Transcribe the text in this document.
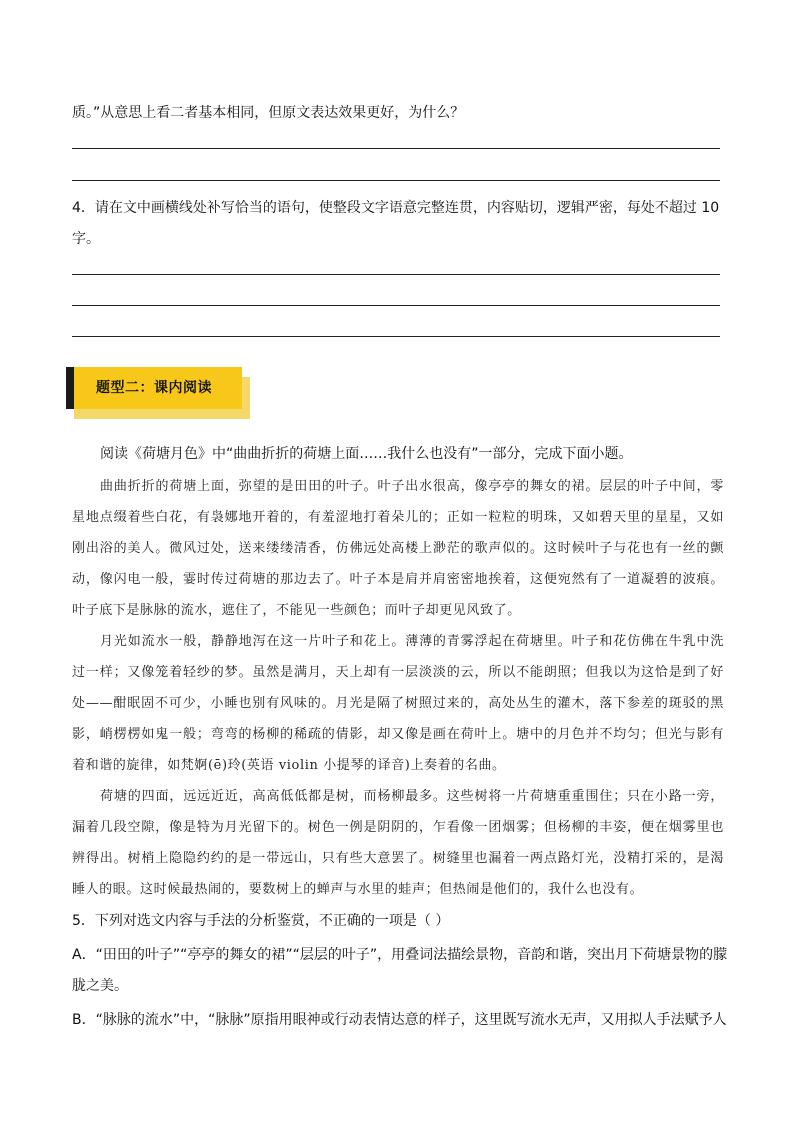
质。”从意思上看二者基本相同，但原文表达效果更好，为什么？
4．请在文中画横线处补写恰当的语句，使整段文字语意完整连贯，内容贴切，逻辑严密，每处不超过 10
字。
题型二：课内阅读
阅读《荷塘月色》中“曲曲折折的荷塘上面……我什么也没有”一部分，完成下面小题。

曲曲折折的荷塘上面，弥望的是田田的叶子。叶子出水很高，像亭亭的舞女的裙。层层的叶子中间，零星地点缀着些白花，有袅娜地开着的，有羞涩地打着朵儿的；正如一粒粒的明珠，又如碧天里的星星，又如刚出浴的美人。微风过处，送来缕缕清香，仿佛远处高楼上渺茫的歌声似的。这时候叶子与花也有一丝的颤动，像闪电一般，霎时传过荷塘的那边去了。叶子本是肩并肩密密地挨着，这便宛然有了一道凝碧的波痕。叶子底下是脉脉的流水，遮住了，不能见一些颜色；而叶子却更见风致了。

月光如流水一般，静静地泻在这一片叶子和花上。薄薄的青雾浮起在荷塘里。叶子和花仿佛在牛乳中洗过一样；又像笼着轻纱的梦。虽然是满月，天上却有一层淡淡的云，所以不能朗照；但我以为这恰是到了好处——酣眠固不可少，小睡也别有风味的。月光是隔了树照过来的，高处丛生的灌木，落下参差的斑驳的黑影，峭楞楞如鬼一般；弯弯的杨柳的稀疏的倩影，却又像是画在荷叶上。塘中的月色并不均匀；但光与影有着和谐的旋律，如梵婀(ē)玲(英语 violin 小提琴的译音)上奏着的名曲。

荷塘的四面，远远近近，高高低低都是树，而杨柳最多。这些树将一片荷塘重重围住；只在小路一旁，漏着几段空隙，像是特为月光留下的。树色一例是阴阴的，乍看像一团烟雾；但杨柳的丰姿，便在烟雾里也辨得出。树梢上隐隐约约的是一带远山，只有些大意罢了。树缝里也漏着一两点路灯光，没精打采的，是渴睡人的眼。这时候最热闹的，要数树上的蝉声与水里的蛙声；但热闹是他们的，我什么也没有。

5．下列对选文内容与手法的分析鉴赏，不正确的一项是（ ）
A．“田田的叶子”“亭亭的舞女的裙”“层层的叶子”，用叠词法描绘景物，音韵和谐，突出月下荷塘景物的朦
胧之美。
B．“脉脉的流水”中，“脉脉”原指用眼神或行动表情达意的样子，这里既写流水无声，又用拟人手法赋予人
